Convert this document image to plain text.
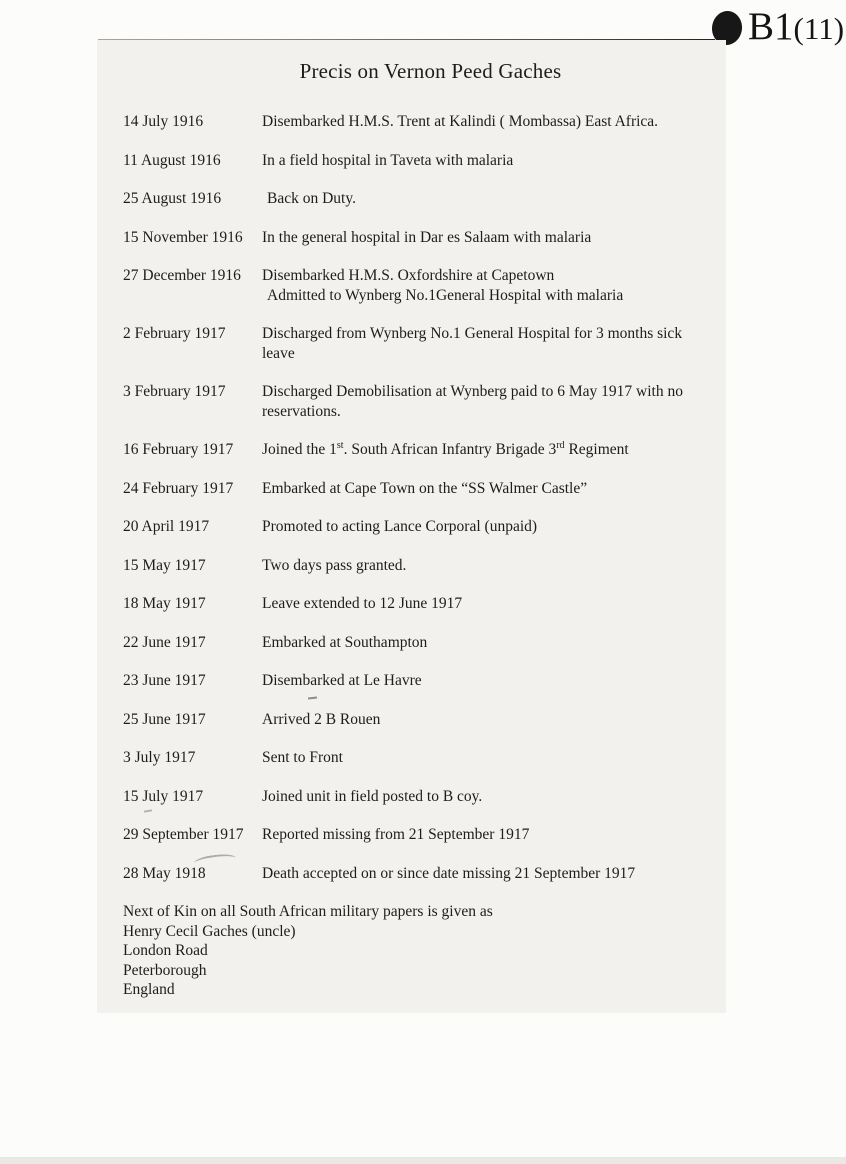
B1(11)
Precis on Vernon Peed Gaches
14 July 1916	Disembarked H.M.S. Trent at Kalindi ( Mombassa) East Africa.
11 August 1916	In a field hospital in Taveta with malaria
25 August 1916	Back on Duty.
15 November 1916	In the general hospital in Dar es Salaam with malaria
27 December 1916	Disembarked H.M.S. Oxfordshire at Capetown
Admitted to Wynberg No.1General Hospital with malaria
2 February 1917	Discharged from Wynberg No.1 General Hospital for 3 months sick
leave
3 February 1917	Discharged Demobilisation at Wynberg paid to 6 May 1917 with no
reservations.
16 February 1917	Joined the 1st. South African Infantry Brigade 3rd Regiment
24 February 1917	Embarked at Cape Town on the “SS Walmer Castle”
20 April 1917	Promoted to acting Lance Corporal (unpaid)
15 May 1917	Two days pass granted.
18 May 1917	Leave extended to 12 June 1917
22 June 1917	Embarked at Southampton
23 June 1917	Disembarked at Le Havre
25 June 1917	Arrived 2 B Rouen
3 July 1917	Sent to Front
15 July 1917	Joined unit in field posted to B coy.
29 September 1917	Reported missing from 21 September 1917
28 May 1918	Death accepted on or since date missing 21 September 1917
Next of Kin on all South African military papers is given as
Henry Cecil Gaches (uncle)
London Road
Peterborough
England
